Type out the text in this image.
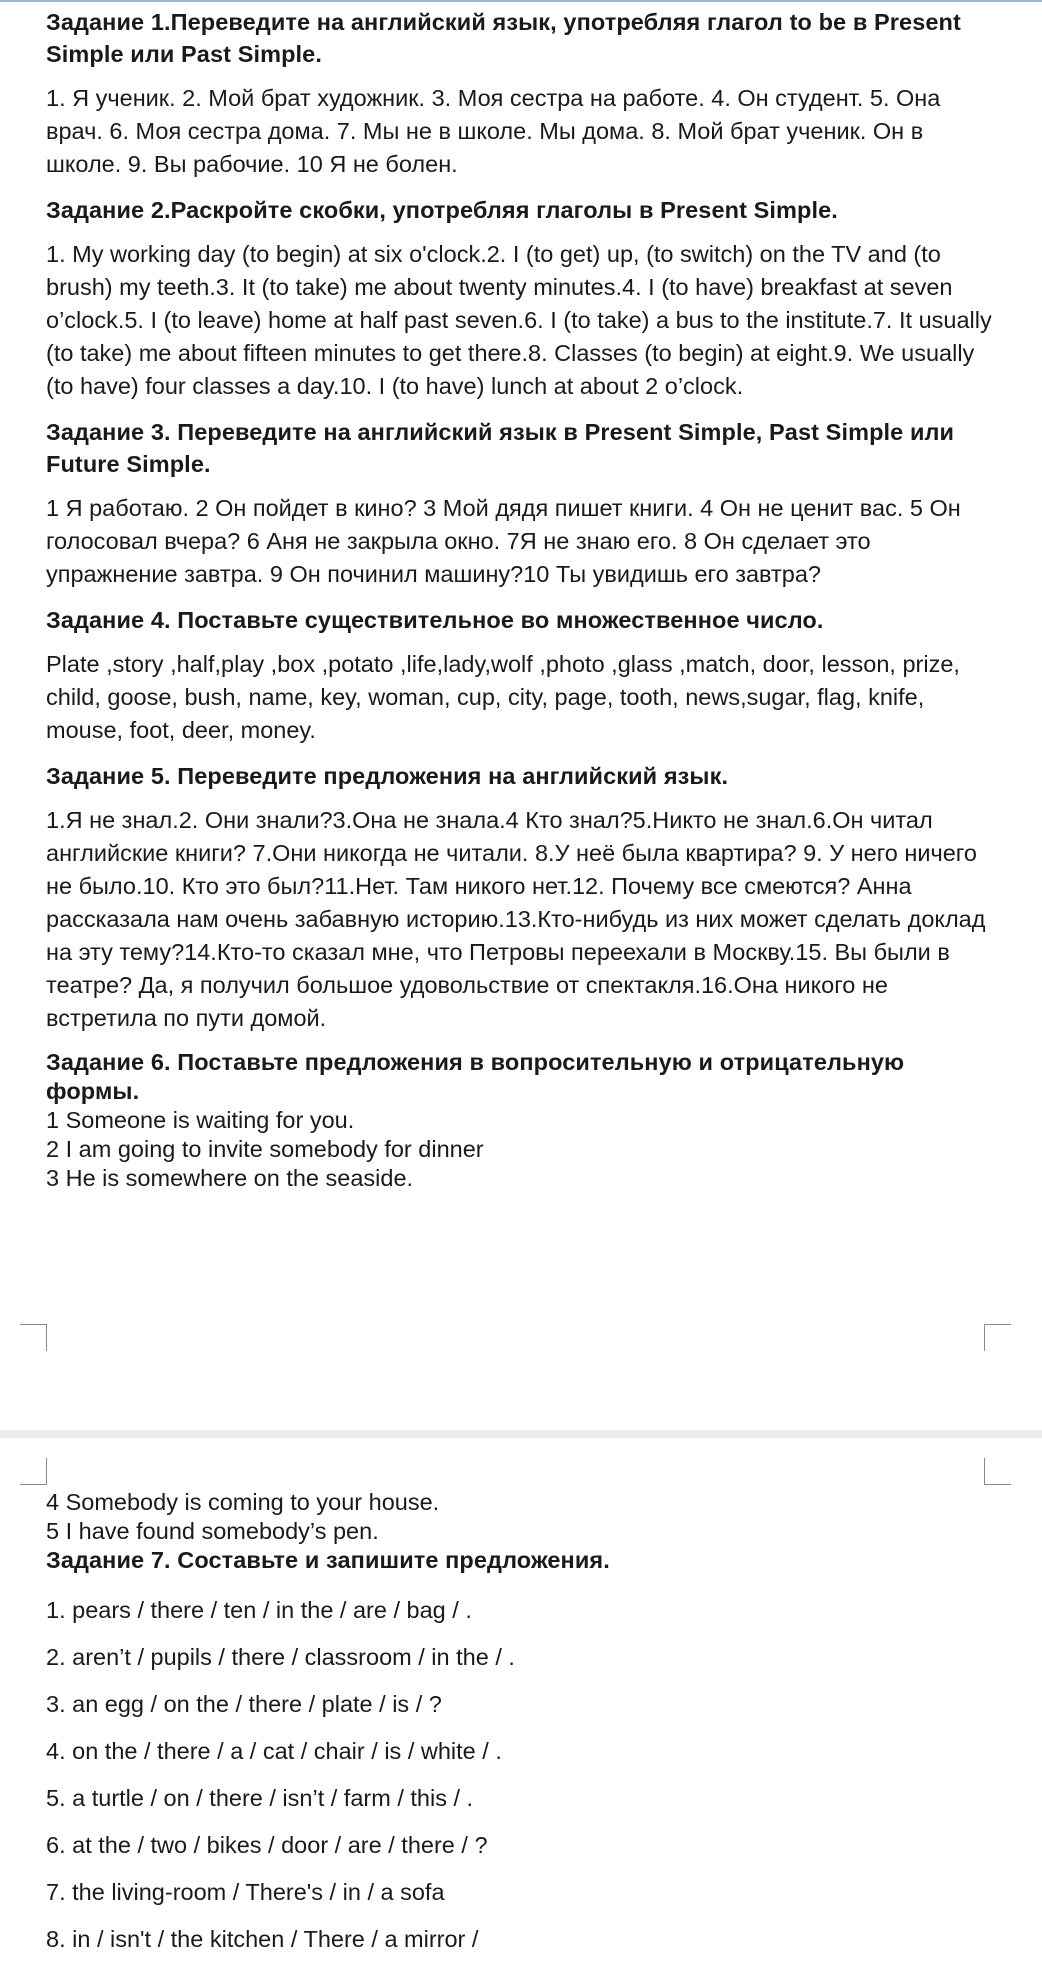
Задание 1.Переведите на английский язык, употребляя глагол to be в Present Simple или Past Simple.

1. Я ученик. 2. Мой брат художник. 3. Моя сестра на работе. 4. Он студент. 5. Она врач. 6. Моя сестра дома. 7. Мы не в школе. Мы дома. 8. Мой брат ученик. Он в школе. 9. Вы рабочие. 10 Я не болен.

Задание 2.Раскройте скобки, употребляя глаголы в Present Simple.

1. My working day (to begin) at six o'clock.2. I (to get) up, (to switch) on the TV and (to brush) my teeth.3. It (to take) me about twenty minutes.4. I (to have) breakfast at seven o’clock.5. I (to leave) home at half past seven.6. I (to take) a bus to the institute.7. It usually (to take) me about fifteen minutes to get there.8. Classes (to begin) at eight.9. We usually (to have) four classes a day.10. I (to have) lunch at about 2 o’clock.

Задание 3. Переведите на английский язык в Present Simple, Past Simple или Future Simple.

1 Я работаю. 2 Он пойдет в кино? 3 Мой дядя пишет книги. 4 Он не ценит вас. 5 Он голосовал вчера? 6 Аня не закрыла окно. 7Я не знаю его. 8 Он сделает это упражнение завтра. 9 Он починил машину?10 Ты увидишь его завтра?

Задание 4. Поставьте существительное во множественное число.

Plate ,story ,half,play ,box ,potato ,life,lady,wolf ,photo ,glass ,match, door, lesson, prize, child, goose, bush, name, key, woman, cup, city, page, tooth, news,sugar, flag, knife, mouse, foot, deer, money.

Задание 5. Переведите предложения на английский язык.

1.Я не знал.2. Они знали?3.Она не знала.4 Кто знал?5.Никто не знал.6.Он читал английские книги? 7.Они никогда не читали. 8.У неё была квартира? 9. У него ничего не было.10. Кто это был?11.Нет. Там никого нет.12. Почему все смеются? Анна рассказала нам очень забавную историю.13.Кто-нибудь из них может сделать доклад на эту тему?14.Кто-то сказал мне, что Петровы переехали в Москву.15. Вы были в театре? Да, я получил большое удовольствие от спектакля.16.Она никого не встретила по пути домой.

Задание 6. Поставьте предложения в вопросительную и отрицательную формы.

1 Someone is waiting for you.

2 I am going to invite somebody for dinner

3 He is somewhere on the seaside.

4 Somebody is coming to your house.

5 I have found somebody’s pen.

Задание 7. Составьте и запишите предложения.

1. pears / there / ten / in the / are / bag / .

2. aren’t / pupils / there / classroom / in the / .

3. an egg / on the / there / plate / is / ?

4. on the / there / a / cat / chair / is / white / .

5. a turtle / on / there / isn’t / farm / this / .

6. at the / two / bikes / door / are / there / ?

7. the living-room / There's / in / a sofa

8. in / isn't / the kitchen / There / a mirror /
